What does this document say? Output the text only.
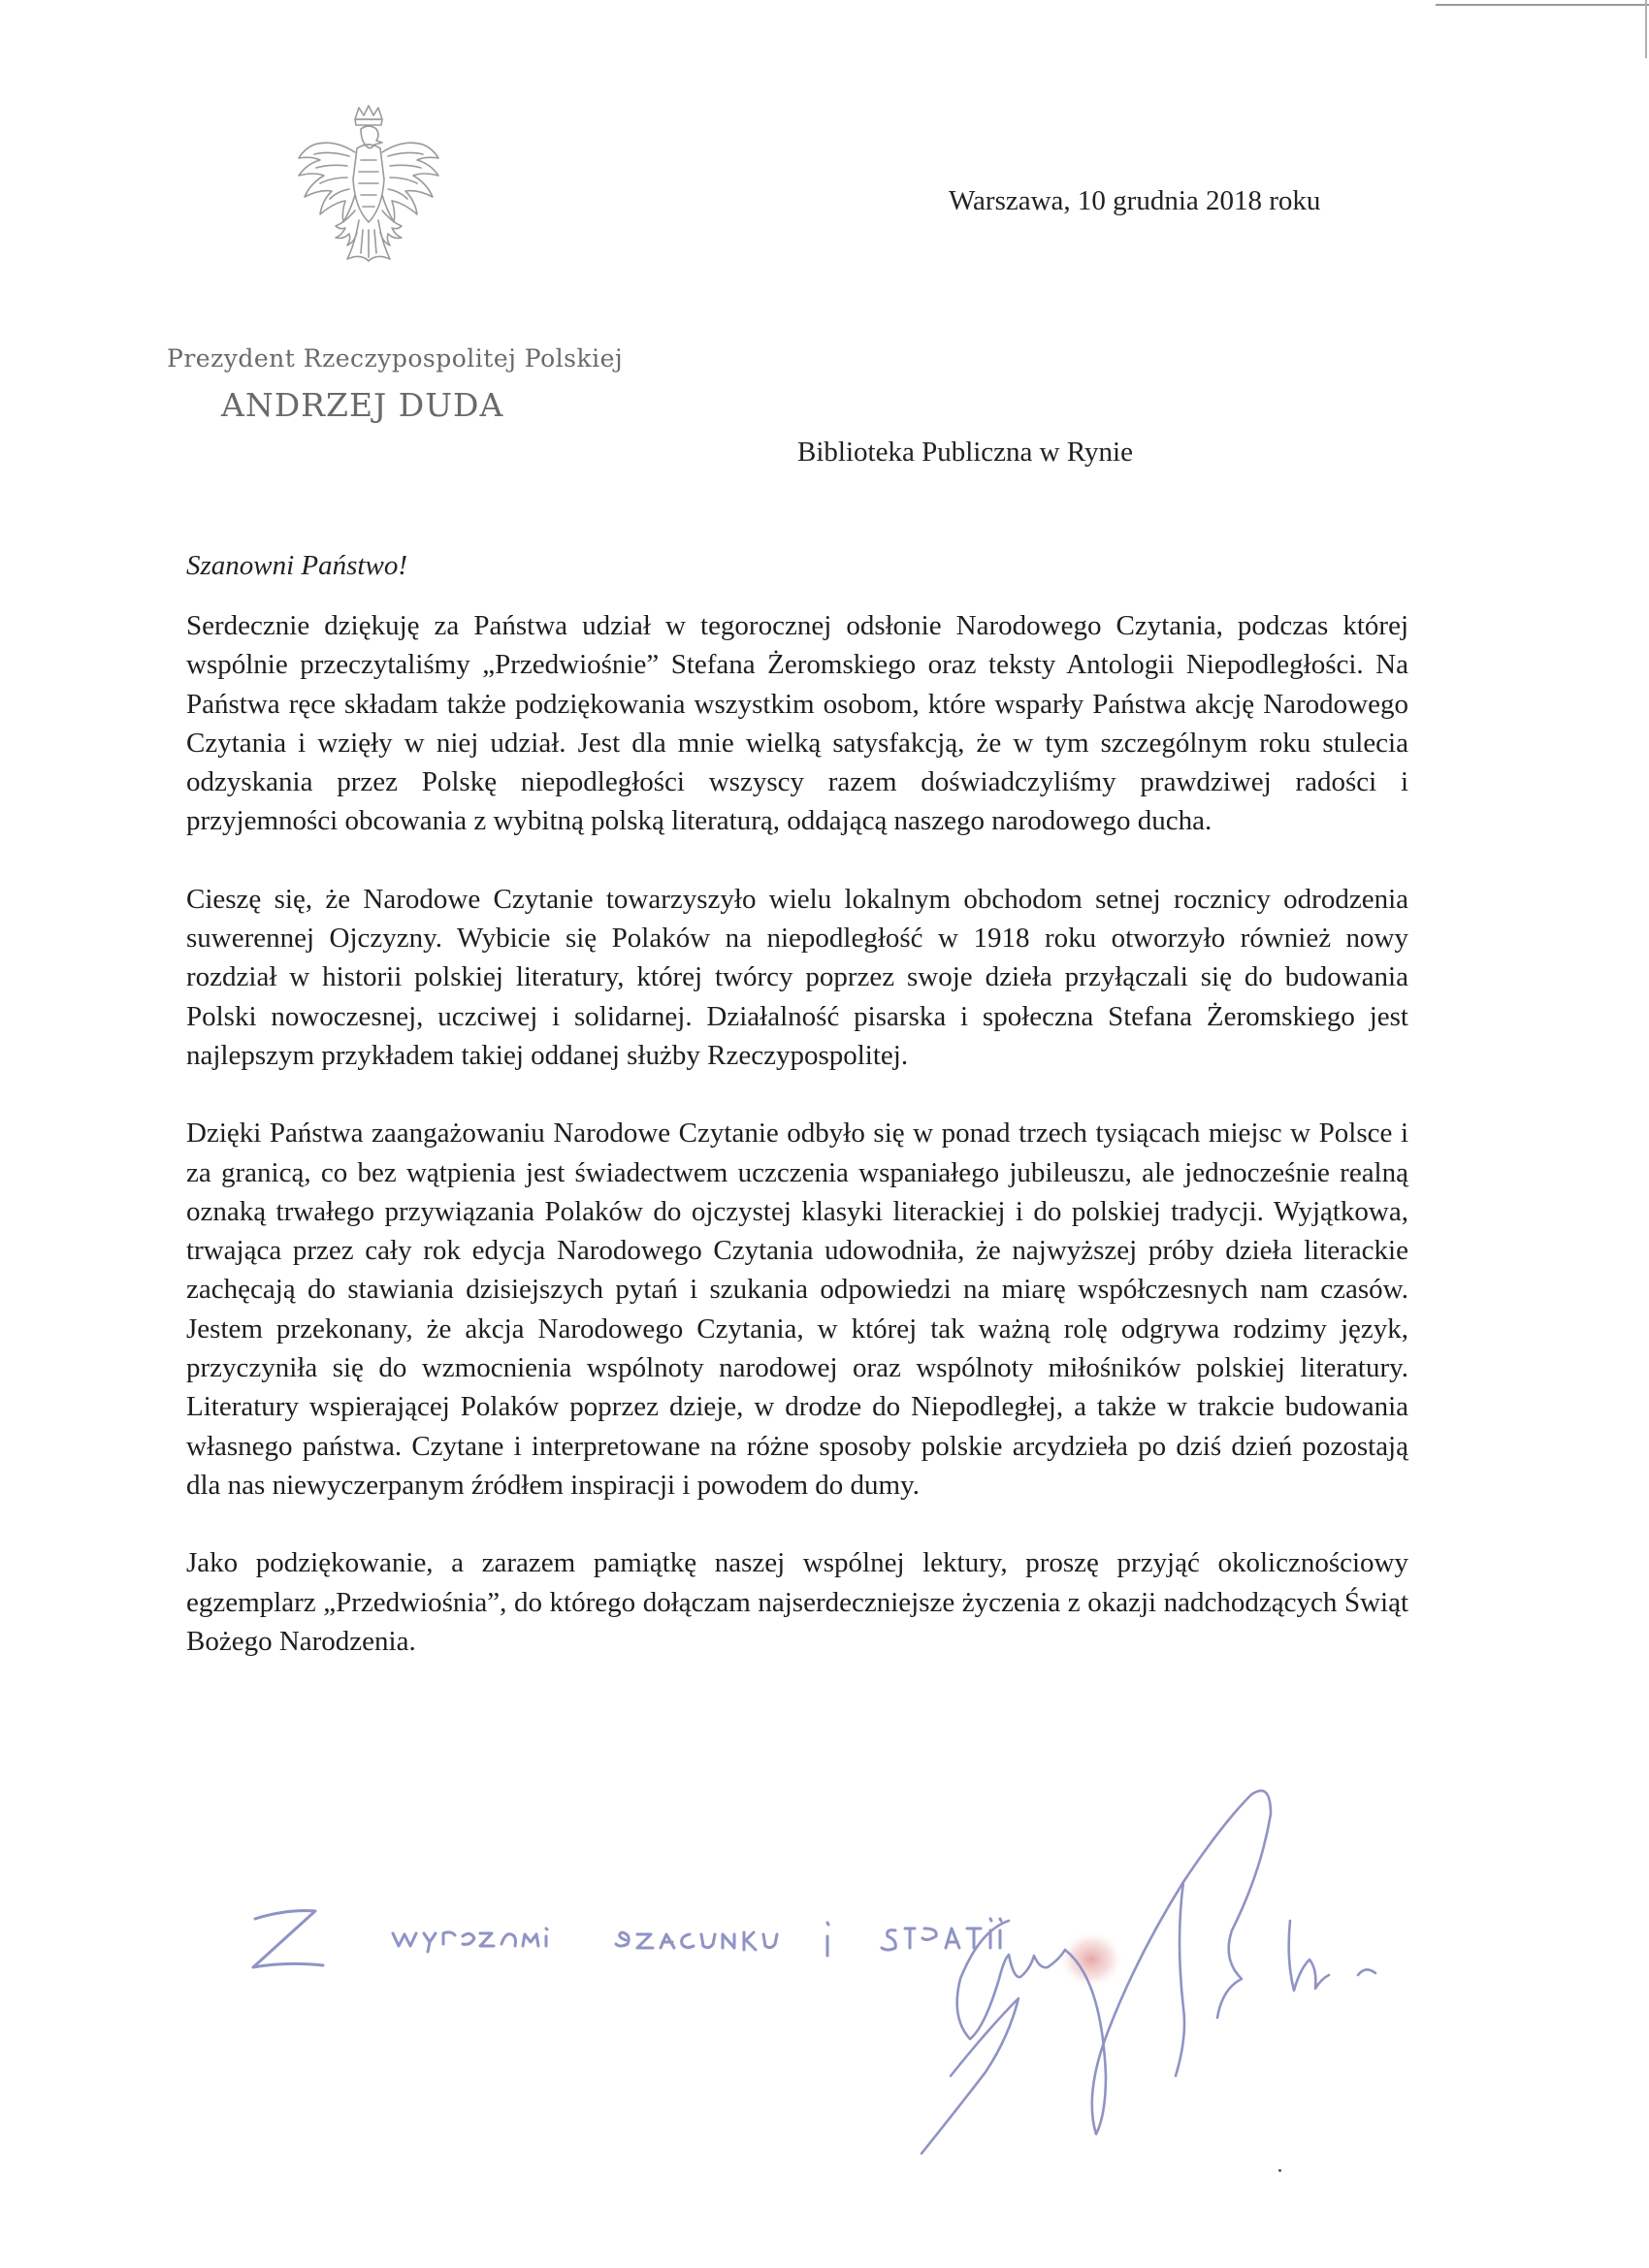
Prezydent Rzeczypospolitej Polskiej
ANDRZEJ DUDA
Warszawa, 10 grudnia 2018 roku
Biblioteka Publiczna w Rynie
Szanowni Państwo!

Serdecznie dziękuję za Państwa udział w tegorocznej odsłonie Narodowego Czytania, podczas której wspólnie przeczytaliśmy „Przedwiośnie” Stefana Żeromskiego oraz teksty Antologii Niepodległości. Na Państwa ręce składam także podziękowania wszystkim osobom, które wsparły Państwa akcję Narodowego Czytania i wzięły w niej udział. Jest dla mnie wielką satysfakcją, że w tym szczególnym roku stulecia odzyskania przez Polskę niepodległości wszyscy razem doświadczyliśmy prawdziwej radości i przyjemności obcowania z wybitną polską literaturą, oddającą naszego narodowego ducha.

Cieszę się, że Narodowe Czytanie towarzyszyło wielu lokalnym obchodom setnej rocznicy odrodzenia suwerennej Ojczyzny. Wybicie się Polaków na niepodległość w 1918 roku otworzyło również nowy rozdział w historii polskiej literatury, której twórcy poprzez swoje dzieła przyłączali się do budowania Polski nowoczesnej, uczciwej i solidarnej. Działalność pisarska i społeczna Stefana Żeromskiego jest najlepszym przykładem takiej oddanej służby Rzeczypospolitej.

Dzięki Państwa zaangażowaniu Narodowe Czytanie odbyło się w ponad trzech tysiącach miejsc w Polsce i za granicą, co bez wątpienia jest świadectwem uczczenia wspaniałego jubileuszu, ale jednocześnie realną oznaką trwałego przywiązania Polaków do ojczystej klasyki literackiej i do polskiej tradycji. Wyjątkowa, trwająca przez cały rok edycja Narodowego Czytania udowodniła, że najwyższej próby dzieła literackie zachęcają do stawiania dzisiejszych pytań i szukania odpowiedzi na miarę współczesnych nam czasów. Jestem przekonany, że akcja Narodowego Czytania, w której tak ważną rolę odgrywa rodzimy język, przyczyniła się do wzmocnienia wspólnoty narodowej oraz wspólnoty miłośników polskiej literatury. Literatury wspierającej Polaków poprzez dzieje, w drodze do Niepodległej, a także w trakcie budowania własnego państwa. Czytane i interpretowane na różne sposoby polskie arcydzieła po dziś dzień pozostają dla nas niewyczerpanym źródłem inspiracji i powodem do dumy.

Jako podziękowanie, a zarazem pamiątkę naszej wspólnej lektury, proszę przyjąć okolicznościowy egzemplarz „Przedwiośnia”, do którego dołączam najserdeczniejsze życzenia z okazji nadchodzących Świąt Bożego Narodzenia.
